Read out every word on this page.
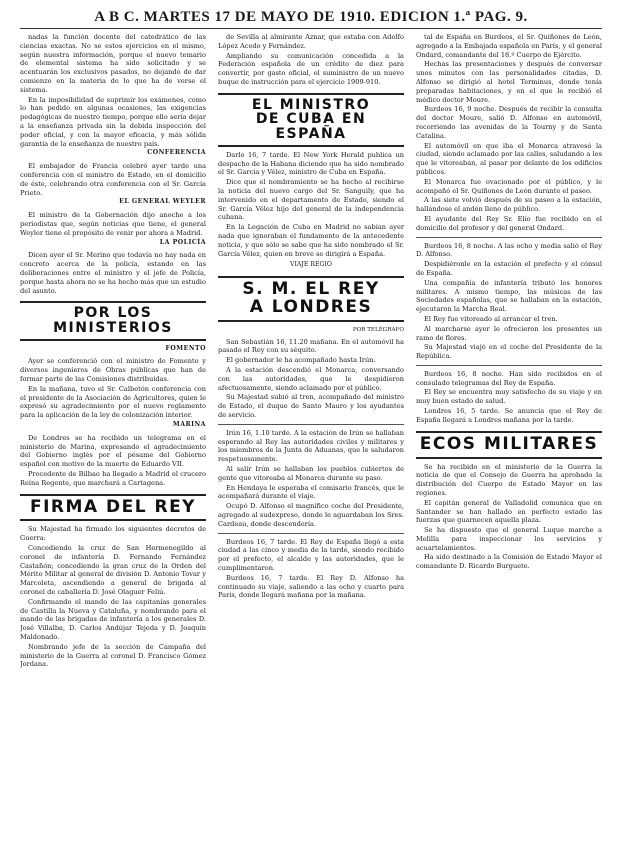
A B C. MARTES 17 DE MAYO DE 1910. EDICION 1.ª PAG. 9.

nadas la función docente del catedrático de las ciencias exactas. No se estos ejercicios en el mismo, según nuestra información, porque el nuevo temario de elemental sistema ha sido solicitado y se acentuarán los exclusivos pasados, no dejando de dar comienzo en la materia de lo que ha de verse el sistema.

En la imposibilidad de suprimir los exámenes, como lo han pedido en algunas ocasiones, las exigencias pedagógicas de nuestro tiempo, porque ello sería dejar a la enseñanza privada sin la debida inspección del poder oficial, y con la mayor eficacia, y más sólida garantía de la enseñanza de nuestro país.

CONFERENCIA

El embajador de Francia celebró ayer tarde una conferencia con el ministro de Estado, en el domicilio de éste, celebrando otra conferencia con el Sr. García Prieto.

EL GENERAL WEYLER

El ministro de la Gobernación dijo anoche a los periodistas que, según noticias que tiene, el general Weyler tiene el propósito de venir por ahora a Madrid.

LA POLICÍA

Dicen ayer el Sr. Merino que todavía no hay nada en concreto acerca de la policía, estando en las deliberaciones entre el ministro y el jefe de Policía, porque hasta ahora no se ha hecho más que un estudio del asunto.

POR LOS MINISTERIOS

FOMENTO

Ayer se conferenció con el ministro de Fomento y diversos ingenieros de Obras públicas que han de formar parte de las Comisiones distribuidas.

En la mañana, tuvo el Sr. Calbetón conferencia con el presidente de la Asociación de Agricultores, quien le expresó su agradecimiento por el nuevo reglamento para la aplicación de la ley de colonización interior.

MARINA

De Londres se ha recibido un telegrama en el ministerio de Marina, expresando el agradecimiento del Gobierno inglés por el pésame del Gobierno español con motivo de la muerte de Eduardo VII.

Procedente de Bilbao ha llegado a Madrid el crucero Reina Regente, que marchará a Cartagena.

FIRMA DEL REY

Su Majestad ha firmado los siguientes decretos de Guerra:

Concediendo la cruz de San Hermenegildo al coronel de infantería D. Fernando Fernández Castañón; concediendo la gran cruz de la Orden del Mérito Militar al general de división D. Antonio Tovar y Marcoleta, ascendiendo a general de brigada al coronel de caballería D. José Olaguer Feliú.

Confirmando el mando de las capitanías generales de Castilla la Nueva y Cataluña, y nombrando para el mando de las brigadas de infantería a los generales D. José Villalba, D. Carlos Andújar Tejeda y D. Joaquín Maldonado.

Nombrando jefe de la sección de Campaña del ministerio de la Guerra al coronel D. Francisco Gómez Jordana.

de Sevilla al almirante Aznar, que estaba con Adolfo López Acedo y Fernández.

Ampliando su comunicación concedida a la Federación española de un crédito de diez para convertir, por gasto oficial, el suministro de un nuevo buque de instrucción para el ejercicio 1909-910.

EL MINISTRO
DE CUBA EN ESPAÑA

Darlo 16, 7 tarde. El New York Herald publica un despacho de la Habana diciendo que ha sido nombrado el Sr. García y Vélez, ministro de Cuba en España.

Dice que el nombramiento se ha hecho al recibirse la noticia del nuevo cargo del Sr. Sanguily, que ha intervenido en el departamento de Estado, siendo el Sr. García Vélez hijo del general de la independencia cubana.

En la Legación de Cuba en Madrid no sabían ayer nada que ignoraban el fundamento de la antecedente noticia, y que sólo se sabe que ha sido nombrado el Sr. García Vélez, quien en breve se dirigirá a España.

VIAJE REGIO

S. M. EL REY
A LONDRES

POR TELÉGRAFO

San Sebastián 16, 11.20 mañana. En el automóvil ha pasado el Rey con su séquito.

El gobernador le ha acompañado hasta Irún.

A la estación descendió el Monarca, conversando con las autoridades, que le despidieron afectuosamente, siendo aclamado por el público.

Su Majestad subió al tren, acompañado del ministro de Estado, el duque de Santo Mauro y los ayudantes de servicio.

Irún 16, 1.10 tarde. A la estación de Irún se hallaban esperando al Rey las autoridades civiles y militares y los miembros de la Junta de Aduanas, que le saludaron respetuosamente.

Al salir Irún se hallaban los pueblos cubiertos de gente que vitoreaba al Monarca durante su paso.

En Hendaya le esperaba el comisario francés, que le acompañará durante el viaje.

Ocupó D. Alfonso el magnífico coche del Presidente, agregado al sudexpreso, donde le aguardaban los Sres. Cardeau, donde descendería.

Burdeos 16, 7 tarde. El Rey de España llegó a esta ciudad a las cinco y media de la tarde, siendo recibido por el prefecto, el alcalde y las autoridades, que le cumplimentaron.

Burdeos 16, 7 tarde. El Rey D. Alfonso ha continuado su viaje, saliendo a las ocho y cuarto para París, donde llegará mañana por la mañana.

tal de España en Burdeos, el Sr. Quiñones de León, agregado a la Embajada española en París, y el general Ondard, comandante del 18.º Cuerpo de Ejército.

Hechas las presentaciones y después de conversar unos minutos con las personalidades citadas, D. Alfonso se dirigió al hotel Terminus, donde tenía preparadas habitaciones, y en el que le recibió el médico doctor Moure.

Burdeos 16, 9 noche. Después de recibir la consulta del doctor Moure, salió D. Alfonso en automóvil, recorriendo las avenidas de la Tourny y de Santa Catalina.

El automóvil en que iba el Monarca atravesó la ciudad, siendo aclamado por las calles, saludando a los que le vitoreaban, al pasar por delante de los edificios públicos.

El Monarca fue ovacionado por el público, y le acompañó el Sr. Quiñones de León durante el paseo.

A las siete volvió después de su paseo a la estación, hallándose el andén lleno de público.

El ayudante del Rey Sr. Elío fue recibido en el domicilio del profesor y del general Ondard.

Burdeos 16, 8 noche. A las ocho y media salió el Rey D. Alfonso.

Despidiéronle en la estación el prefecto y el cónsul de España.

Una compañía de infantería tributó los honores militares. A mismo tiempo, las músicas de las Sociedades españolas, que se hallaban en la estación, ejecutaron la Marcha Real.

El Rey fue vitoreado al arrancar el tren.

Al marcharse ayer le ofrecieron los presentes un ramo de flores.

Su Majestad viajó en el coche del Presidente de la República.

Burdeos 16, 8 noche. Han sido recibidos en el consulado telegramas del Rey de España.

El Rey se encuentra muy satisfecho de su viaje y en muy buen estado de salud.

Londres 16, 5 tarde. Se anuncia que el Rey de España llegará a Londres mañana por la tarde.

ECOS MILITARES

Se ha recibido en el ministerio de la Guerra la noticia de que el Consejo de Guerra ha aprobado la distribución del Cuerpo de Estado Mayor en las regiones.

El capitán general de Valladolid comunica que en Santander se han hallado en perfecto estado las fuerzas que guarnecen aquella plaza.

Se ha dispuesto que el general Luque marche a Melilla para inspeccionar los servicios y acuartelamientos.

Ha sido destinado a la Comisión de Estado Mayor el comandante D. Ricardo Burguete.
